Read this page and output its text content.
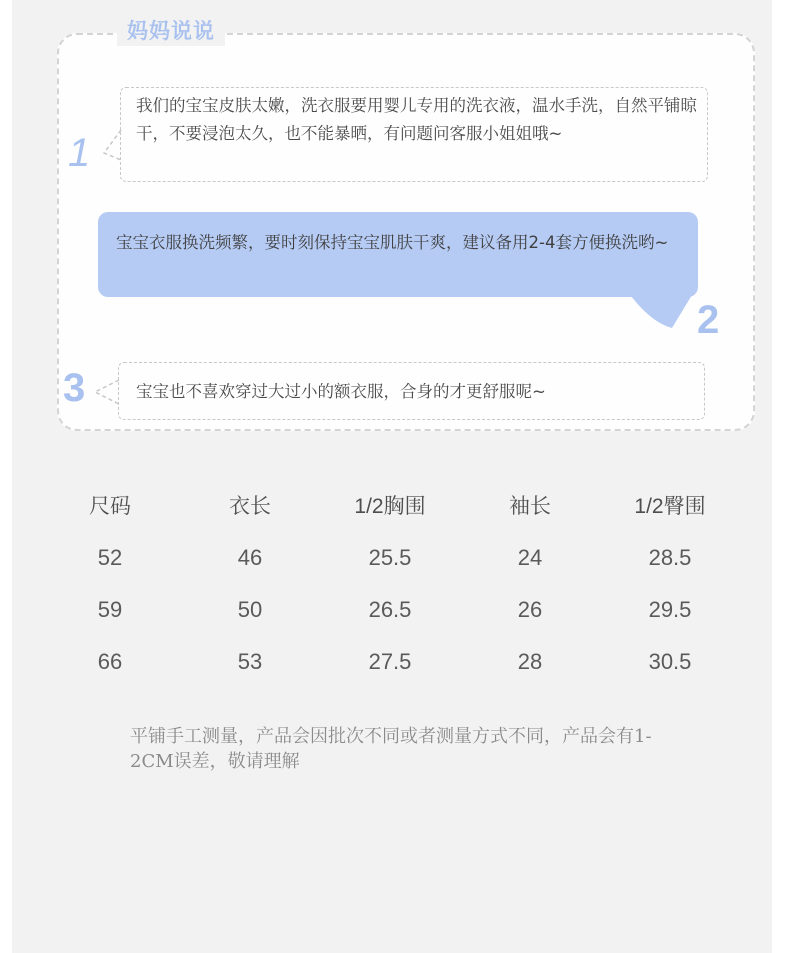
妈妈说说
1
我们的宝宝皮肤太嫩，洗衣服要用婴儿专用的洗衣液，温水手洗，自然平铺晾干，不要浸泡太久，也不能暴晒，有问题问客服小姐姐哦~
宝宝衣服换洗频繁，要时刻保持宝宝肌肤干爽，建议备用2-4套方便换洗哟~
2
3	宝宝也不喜欢穿过大过小的额衣服，合身的才更舒服呢~
尺码	衣长	1/2胸围	袖长	1/2臀围
52	46	25.5	24	28.5
59	50	26.5	26	29.5
66	53	27.5	28	30.5
平铺手工测量，产品会因批次不同或者测量方式不同，产品会有1-2CM误差，敬请理解
